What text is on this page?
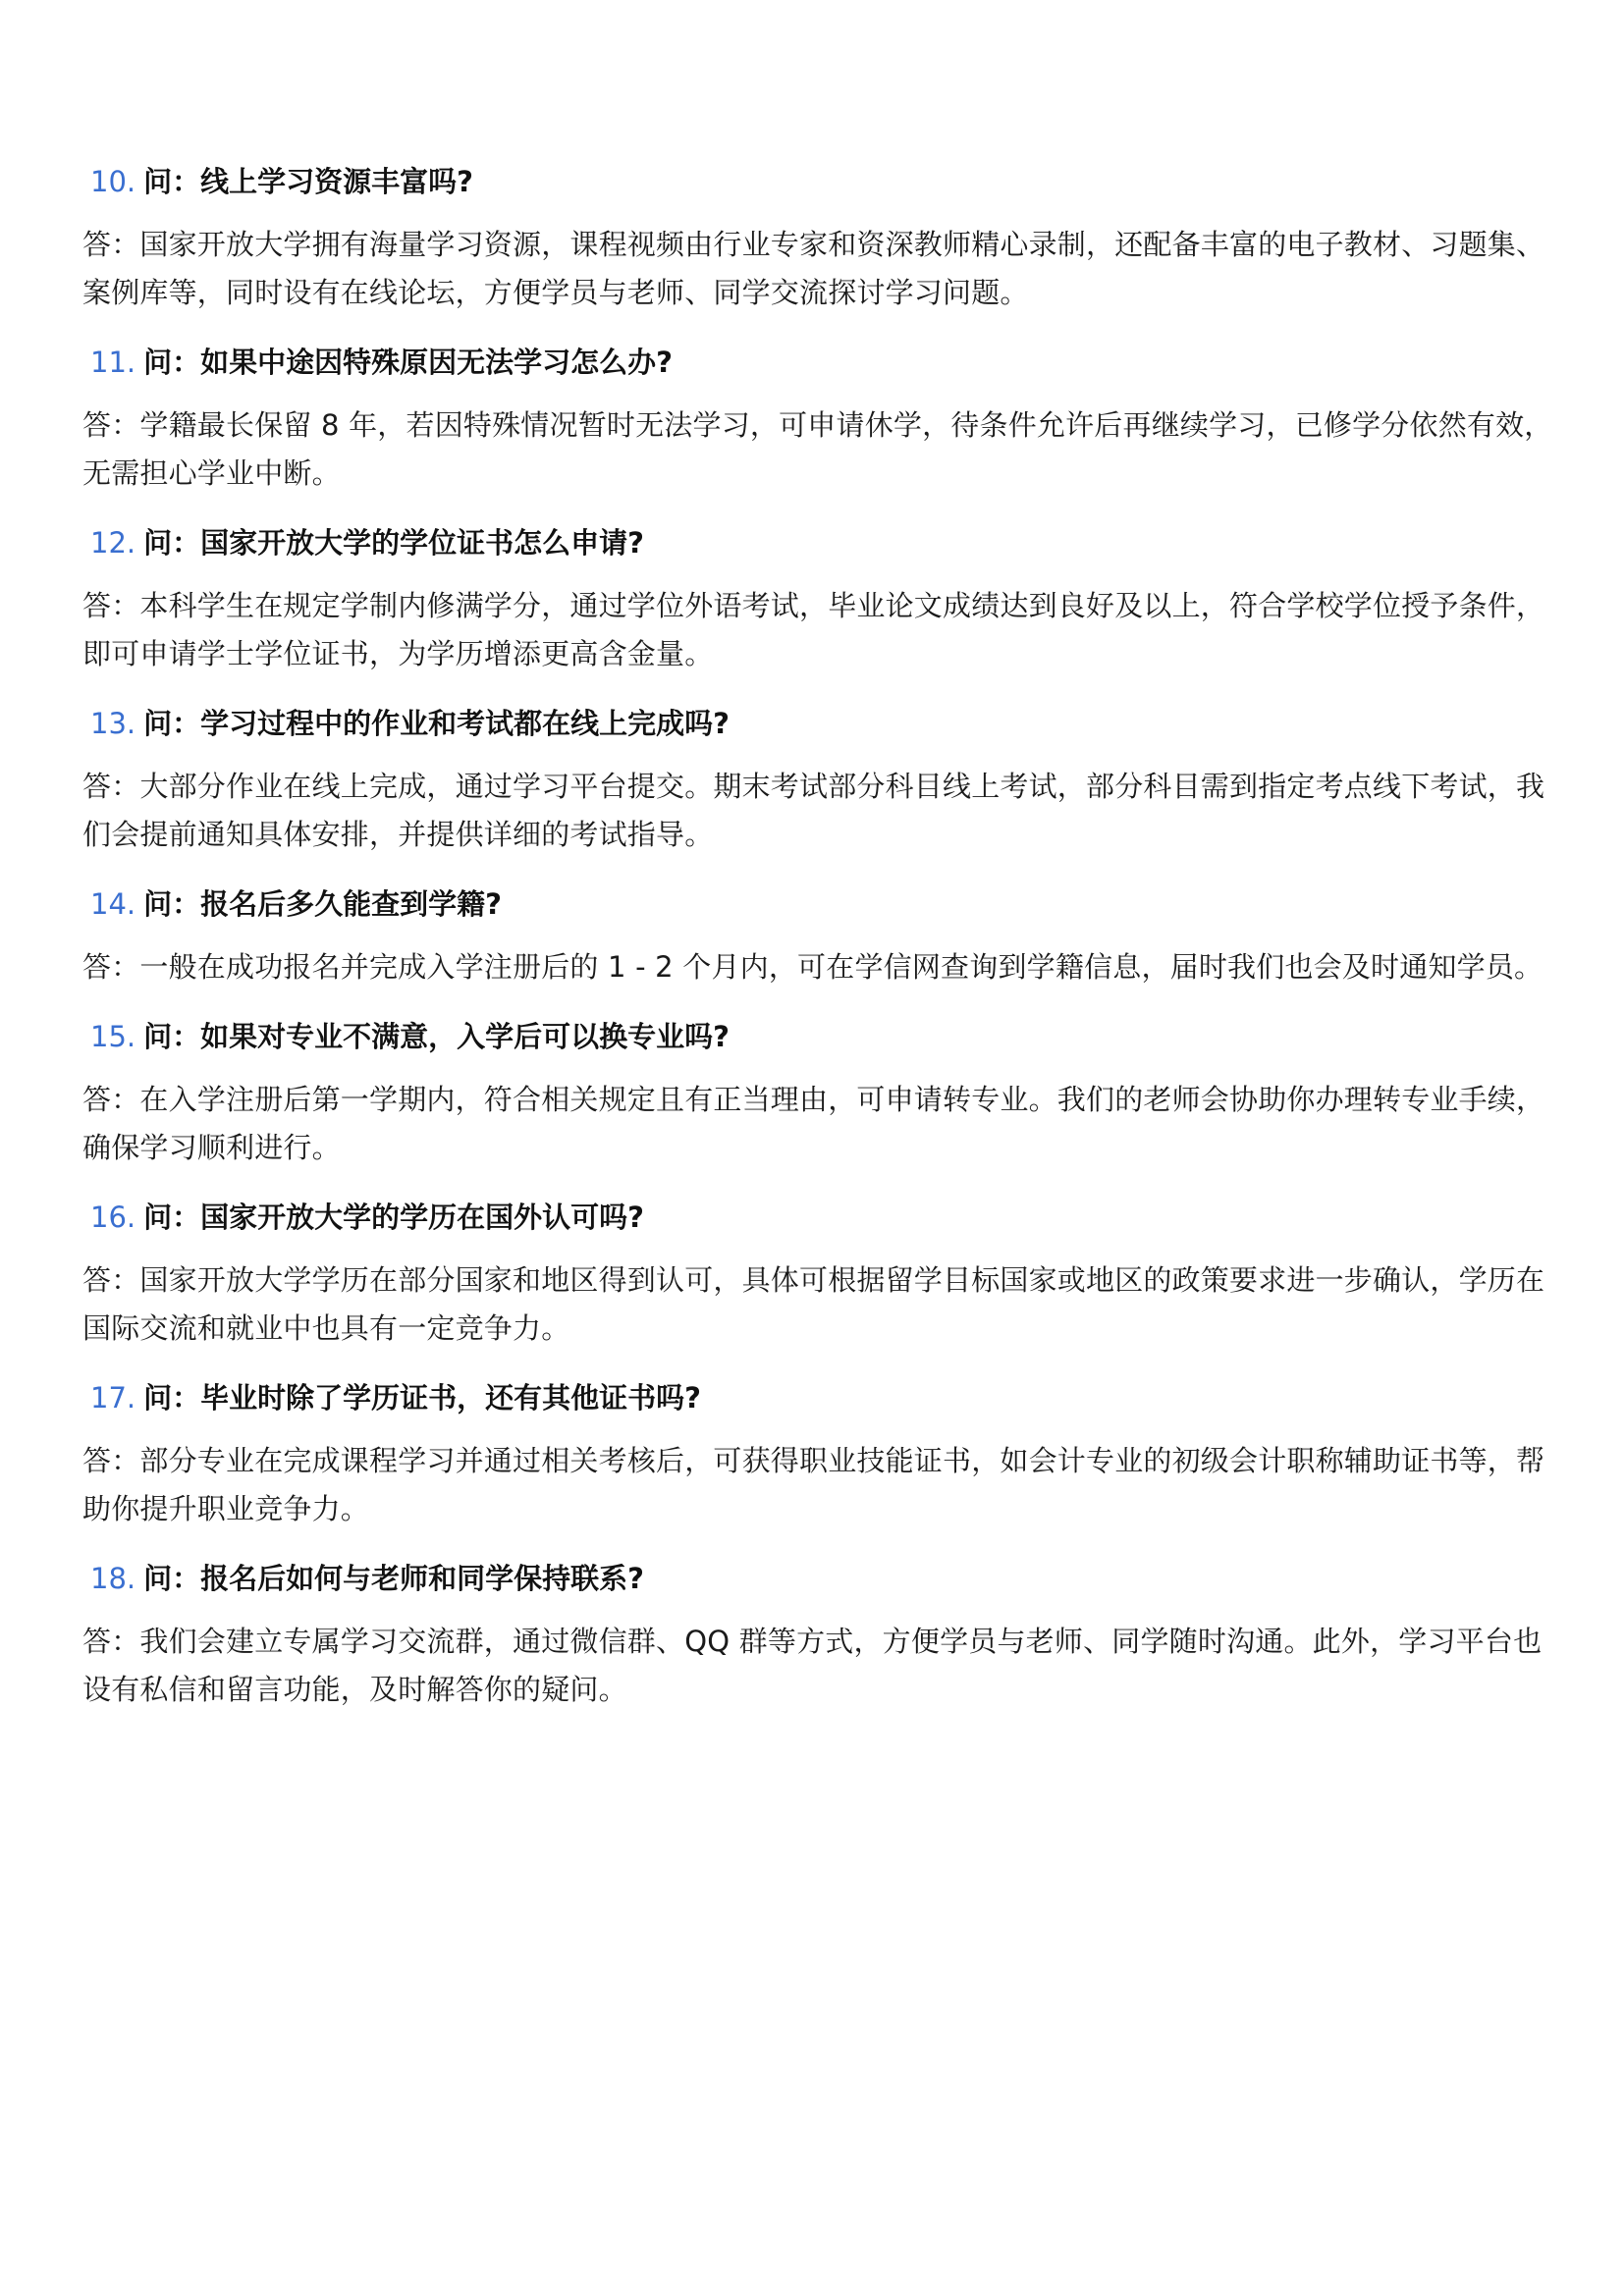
10. 问：线上学习资源丰富吗?

答：国家开放大学拥有海量学习资源，课程视频由行业专家和资深教师精心录制，还配备丰富的电子教材、习题集、案例库等，同时设有在线论坛，方便学员与老师、同学交流探讨学习问题。

11. 问：如果中途因特殊原因无法学习怎么办?

答：学籍最长保留 8 年，若因特殊情况暂时无法学习，可申请休学，待条件允许后再继续学习，已修学分依然有效，无需担心学业中断。

12. 问：国家开放大学的学位证书怎么申请?

答：本科学生在规定学制内修满学分，通过学位外语考试，毕业论文成绩达到良好及以上，符合学校学位授予条件，即可申请学士学位证书，为学历增添更高含金量。

13. 问：学习过程中的作业和考试都在线上完成吗?

答：大部分作业在线上完成，通过学习平台提交。期末考试部分科目线上考试，部分科目需到指定考点线下考试，我们会提前通知具体安排，并提供详细的考试指导。

14. 问：报名后多久能查到学籍?

答：一般在成功报名并完成入学注册后的 1 - 2 个月内，可在学信网查询到学籍信息，届时我们也会及时通知学员。

15. 问：如果对专业不满意，入学后可以换专业吗?

答：在入学注册后第一学期内，符合相关规定且有正当理由，可申请转专业。我们的老师会协助你办理转专业手续，确保学习顺利进行。

16. 问：国家开放大学的学历在国外认可吗?

答：国家开放大学学历在部分国家和地区得到认可，具体可根据留学目标国家或地区的政策要求进一步确认，学历在国际交流和就业中也具有一定竞争力。

17. 问：毕业时除了学历证书，还有其他证书吗?

答：部分专业在完成课程学习并通过相关考核后，可获得职业技能证书，如会计专业的初级会计职称辅助证书等，帮助你提升职业竞争力。

18. 问：报名后如何与老师和同学保持联系?

答：我们会建立专属学习交流群，通过微信群、QQ 群等方式，方便学员与老师、同学随时沟通。此外，学习平台也设有私信和留言功能，及时解答你的疑问。
